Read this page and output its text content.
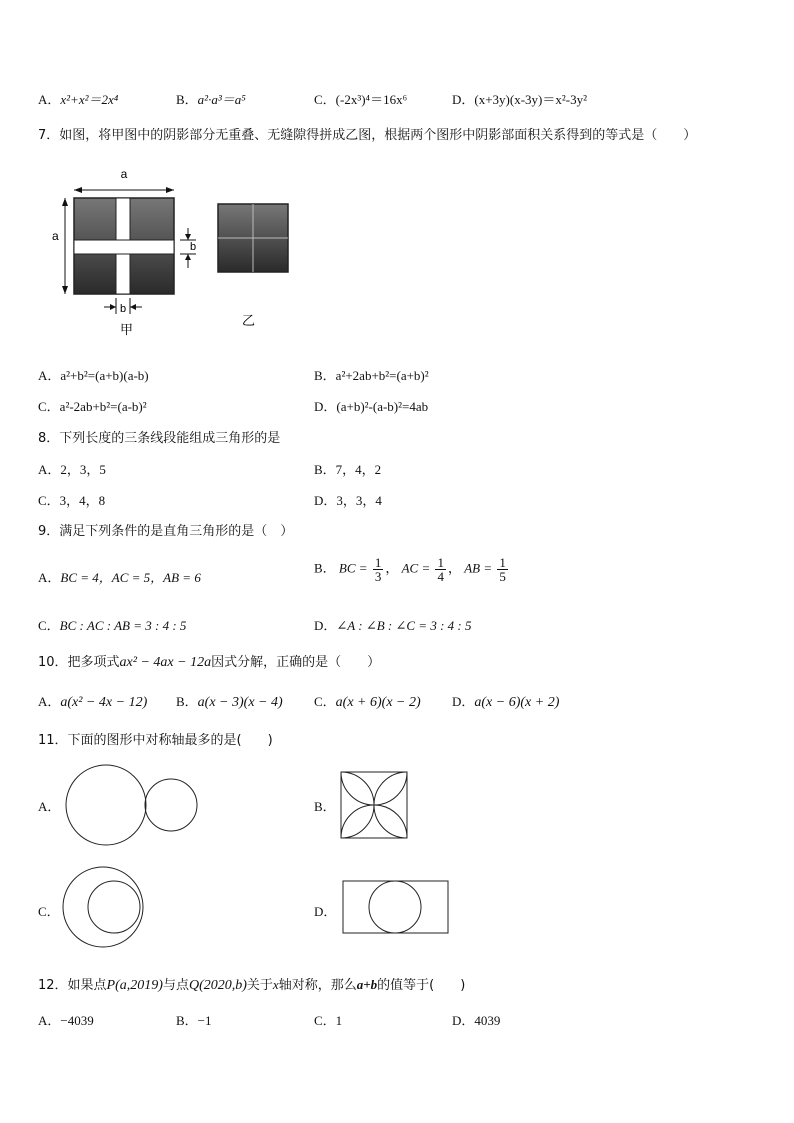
A．x²+x²＝2x⁴	B．a²·a³＝a⁵	C．(-2x³)⁴＝16x⁶	D．(x+3y)(x-3y)＝x²-3y²
7．如图，将甲图中的阴影部分无重叠、无缝隙得拼成乙图，根据两个图形中阴影部面积关系得到的等式是（　　）
a
a
b
b
甲
乙
A．a²+b²=(a+b)(a-b)	B．a²+2ab+b²=(a+b)²
C．a²-2ab+b²=(a-b)²	D．(a+b)²-(a-b)²=4ab
8．下列长度的三条线段能组成三角形的是
A．2，3，5	B．7，4，2
C．3，4，8	D．3，3，4
9．满足下列条件的是直角三角形的是（　）
A．BC = 4，AC = 5，AB = 6
B． BC = $\frac{1}{3}$ ， AC = $\frac{1}{4}$ ， AB = $\frac{1}{5}$
C．BC : AC : AB = 3 : 4 : 5	D．∠A : ∠B : ∠C = 3 : 4 : 5
10．把多项式ax² − 4ax − 12a因式分解，正确的是（　　）
A．a(x² − 4x − 12) B．a(x − 3)(x − 4) C．a(x + 6)(x − 2) D．a(x − 6)(x + 2)
11．下面的图形中对称轴最多的是(　　)
A．	B．
C．	D．
12．如果点P(a,2019)与点Q(2020,b)关于x轴对称，那么a+b的值等于(　　)
A．−4039	B．−1	C．1	D．4039
